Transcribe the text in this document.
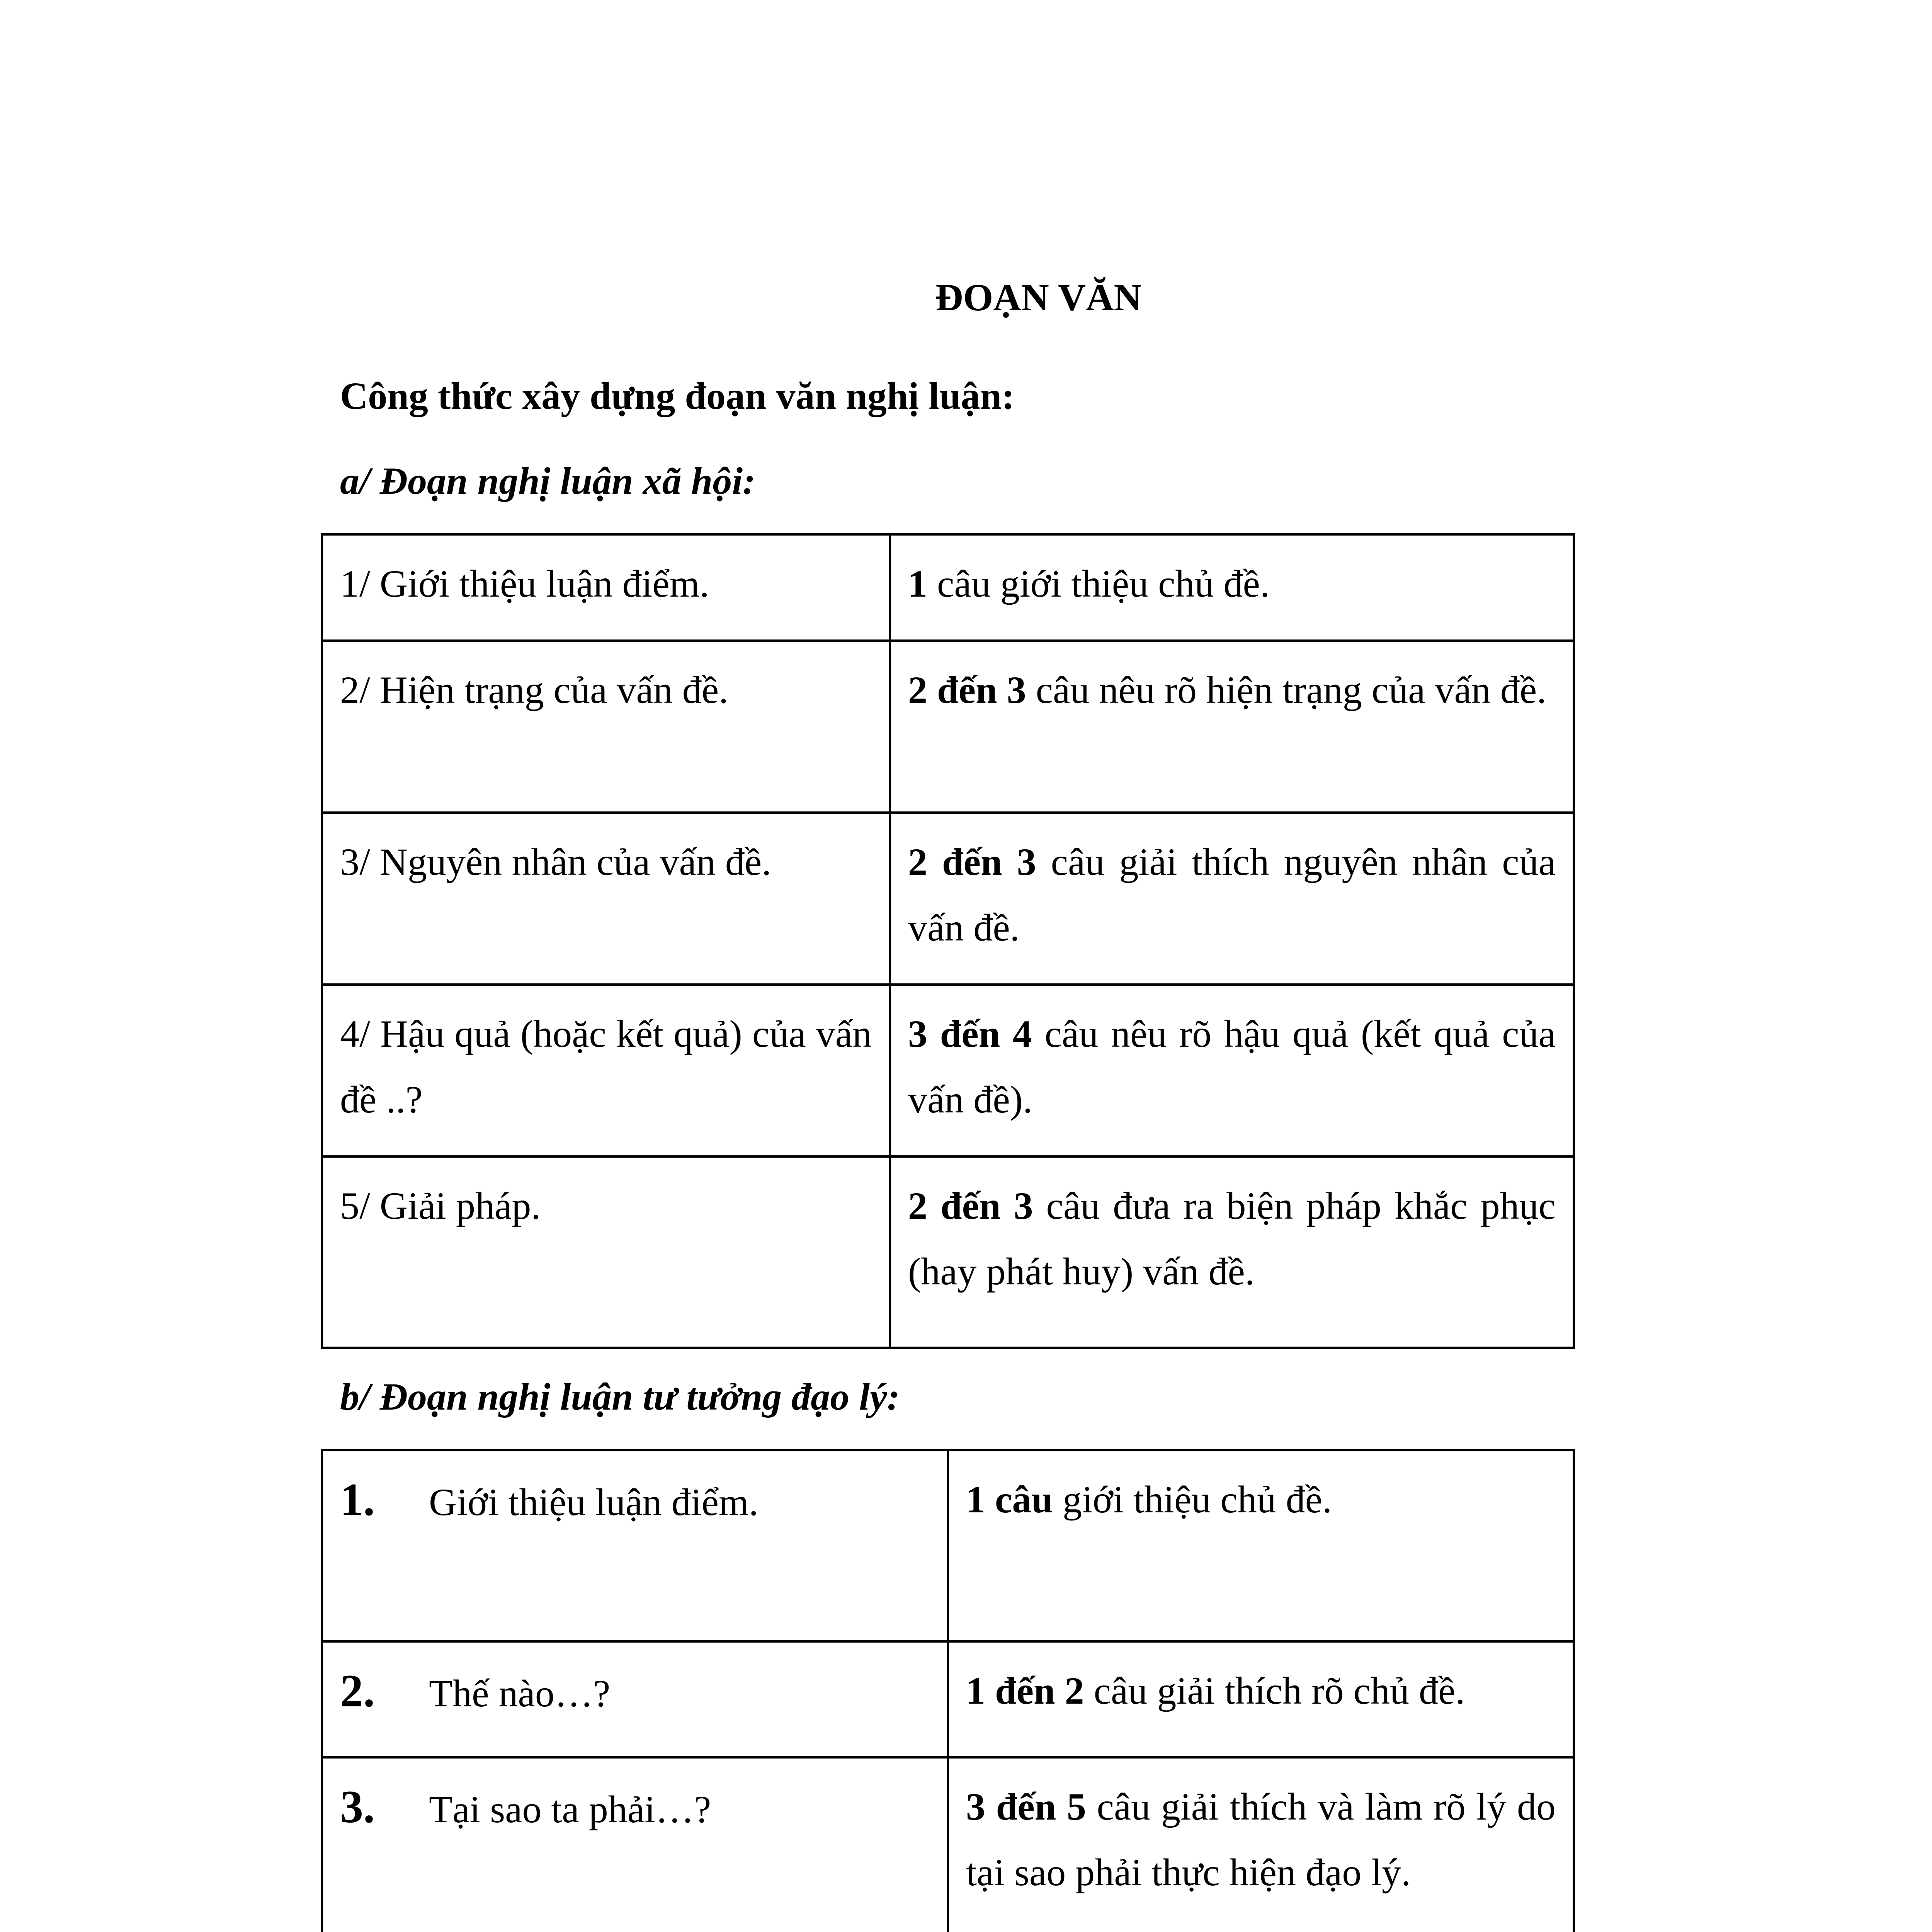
ĐOẠN VĂN
Công thức xây dựng đoạn văn nghị luận:
a/ Đoạn nghị luận xã hội:
1/ Giới thiệu luận điểm.	1 câu giới thiệu chủ đề.
2/ Hiện trạng của vấn đề.	2 đến 3 câu nêu rõ hiện trạng của vấn đề.
3/ Nguyên nhân của vấn đề.	2 đến 3 câu giải thích nguyên nhân của vấn đề.
4/ Hậu quả (hoặc kết quả) của vấn đề ..?	3 đến 4 câu nêu rõ hậu quả (kết quả của vấn đề).
5/ Giải pháp.	2 đến 3 câu đưa ra biện pháp khắc phục (hay phát huy) vấn đề.
b/ Đoạn nghị luận tư tưởng đạo lý:
1. Giới thiệu luận điểm.	1 câu giới thiệu chủ đề.
2. Thế nào…?	1 đến 2 câu giải thích rõ chủ đề.
3. Tại sao ta phải…?	3 đến 5 câu giải thích và làm rõ lý do tại sao phải thực hiện đạo lý.
